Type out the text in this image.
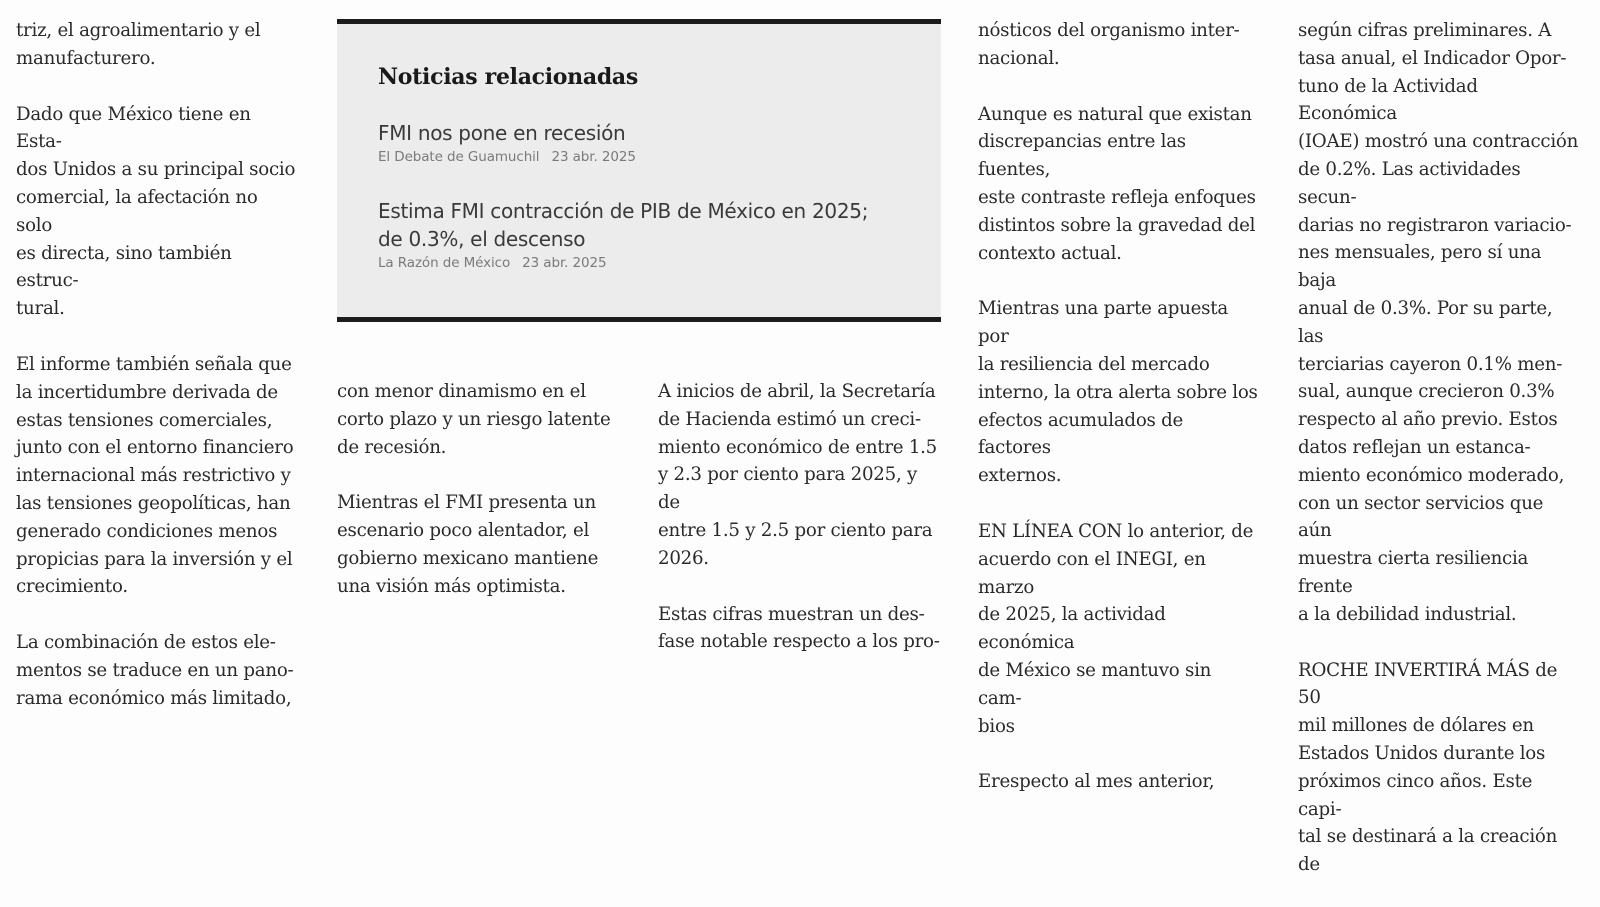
triz, el agroalimentario y el
manufacturero.

Dado que México tiene en Esta-
dos Unidos a su principal socio
comercial, la afectación no solo
es directa, sino también estruc-
tural.

El informe también señala que
la incertidumbre derivada de
estas tensiones comerciales,
junto con el entorno financiero
internacional más restrictivo y
las tensiones geopolíticas, han
generado condiciones menos
propicias para la inversión y el
crecimiento.

La combinación de estos ele-
mentos se traduce en un pano-
rama económico más limitado,

Noticias relacionadas
FMI nos pone en recesión
El Debate de Guamuchil 23 abr. 2025
Estima FMI contracción de PIB de México en 2025;
de 0.3%, el descenso
La Razón de México 23 abr. 2025

con menor dinamismo en el
corto plazo y un riesgo latente
de recesión.

Mientras el FMI presenta un
escenario poco alentador, el
gobierno mexicano mantiene
una visión más optimista.

A inicios de abril, la Secretaría
de Hacienda estimó un creci-
miento económico de entre 1.5
y 2.3 por ciento para 2025, y de
entre 1.5 y 2.5 por ciento para
2026.

Estas cifras muestran un des-
fase notable respecto a los pro-

nósticos del organismo inter-
nacional.

Aunque es natural que existan
discrepancias entre las fuentes,
este contraste refleja enfoques
distintos sobre la gravedad del
contexto actual.

Mientras una parte apuesta por
la resiliencia del mercado
interno, la otra alerta sobre los
efectos acumulados de factores
externos.

EN LÍNEA CON lo anterior, de
acuerdo con el INEGI, en marzo
de 2025, la actividad económica
de México se mantuvo sin cam-
bios

Erespecto al mes anterior,

según cifras preliminares. A
tasa anual, el Indicador Opor-
tuno de la Actividad Económica
(IOAE) mostró una contracción
de 0.2%. Las actividades secun-
darias no registraron variacio-
nes mensuales, pero sí una baja
anual de 0.3%. Por su parte, las
terciarias cayeron 0.1% men-
sual, aunque crecieron 0.3%
respecto al año previo. Estos
datos reflejan un estanca-
miento económico moderado,
con un sector servicios que aún
muestra cierta resiliencia frente
a la debilidad industrial.

ROCHE INVERTIRÁ MÁS de 50
mil millones de dólares en
Estados Unidos durante los
próximos cinco años. Este capi-
tal se destinará a la creación de
